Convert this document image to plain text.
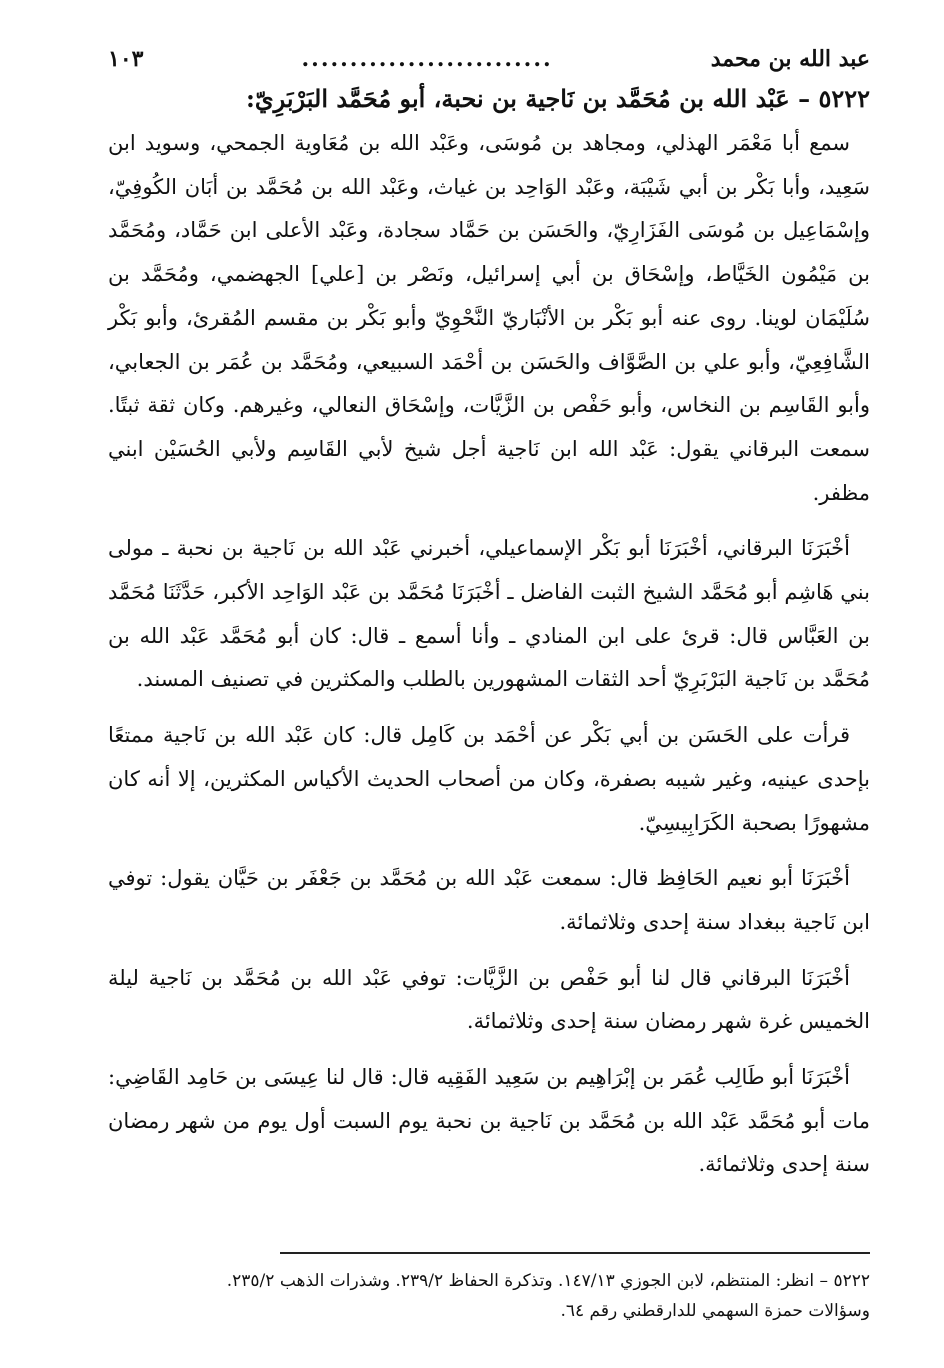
عبد الله بن محمد
..........................
١٠٣
٥٢٢٢ – عَبْد الله بن مُحَمَّد بن نَاجية بن نحبة، أبو مُحَمَّد البَرْبَرِيّ:

سمع أبا مَعْمَر الهذلي، ومجاهد بن مُوسَى، وعَبْد الله بن مُعَاوية الجمحي، وسويد ابن سَعِيد، وأبا بَكْر بن أبي شَيْبَة، وعَبْد الوَاحِد بن غياث، وعَبْد الله بن مُحَمَّد بن أبَان الكُوفِيّ، وإسْمَاعِيل بن مُوسَى الفَزَارِيّ، والحَسَن بن حَمَّاد سجادة، وعَبْد الأعلى ابن حَمَّاد، ومُحَمَّد بن مَيْمُون الخَيَّاط، وإسْحَاق بن أبي إسرائيل، ونَصْر بن [علي] الجهضمي، ومُحَمَّد بن سُلَيْمَان لوينا. روى عنه أبو بَكْر بن الأنْبَاريّ النَّحْوِيّ وأبو بَكْر بن مقسم المُقرئ، وأبو بَكْر الشَّافِعِيّ، وأبو علي بن الصَّوَّاف والحَسَن بن أحْمَد السبيعي، ومُحَمَّد بن عُمَر بن الجعابي، وأبو القَاسِم بن النخاس، وأبو حَفْص بن الزَّيَّات، وإسْحَاق النعالي، وغيرهم. وكان ثقة ثبتًا. سمعت البرقاني يقول: عَبْد الله ابن نَاجية أجل شيخ لأبي القَاسِم ولأبي الحُسَيْن ابني مظفر.

أخْبَرَنَا البرقاني، أخْبَرَنَا أبو بَكْر الإسماعيلي، أخبرني عَبْد الله بن نَاجية بن نحبة ـ مولى بني هَاشِم أبو مُحَمَّد الشيخ الثبت الفاضل ـ أخْبَرَنَا مُحَمَّد بن عَبْد الوَاحِد الأكبر، حَدَّثَنَا مُحَمَّد بن العَبَّاس قال: قرئ على ابن المنادي ـ وأنا أسمع ـ قال: كان أبو مُحَمَّد عَبْد الله بن مُحَمَّد بن نَاجية البَرْبَرِيّ أحد الثقات المشهورين بالطلب والمكثرين في تصنيف المسند.

قرأت على الحَسَن بن أبي بَكْر عن أحْمَد بن كَامِل قال: كان عَبْد الله بن نَاجية ممتعًا بإحدى عينيه، وغير شيبه بصفرة، وكان من أصحاب الحديث الأكياس المكثرين، إلا أنه كان مشهورًا بصحبة الكَرَابِيسِيّ.

أخْبَرَنَا أبو نعيم الحَافِظ قال: سمعت عَبْد الله بن مُحَمَّد بن جَعْفَر بن حَيَّان يقول: توفي ابن نَاجية ببغداد سنة إحدى وثلاثمائة.

أخْبَرَنَا البرقاني قال لنا أبو حَفْص بن الزَّيَّات: توفي عَبْد الله بن مُحَمَّد بن نَاجية ليلة الخميس غرة شهر رمضان سنة إحدى وثلاثمائة.

أخْبَرَنَا أبو طَالِب عُمَر بن إبْرَاهِيم بن سَعِيد الفَقِيه قال: قال لنا عِيسَى بن حَامِد القَاضِي: مات أبو مُحَمَّد عَبْد الله بن مُحَمَّد بن نَاجية بن نحبة يوم السبت أول يوم من شهر رمضان سنة إحدى وثلاثمائة.

٥٢٢٢ – انظر: المنتظم، لابن الجوزي ١٤٧/١٣. وتذكرة الحفاظ ٢٣٩/٢. وشذرات الذهب ٢٣٥/٢.
وسؤالات حمزة السهمي للدارقطني رقم ٦٤.
